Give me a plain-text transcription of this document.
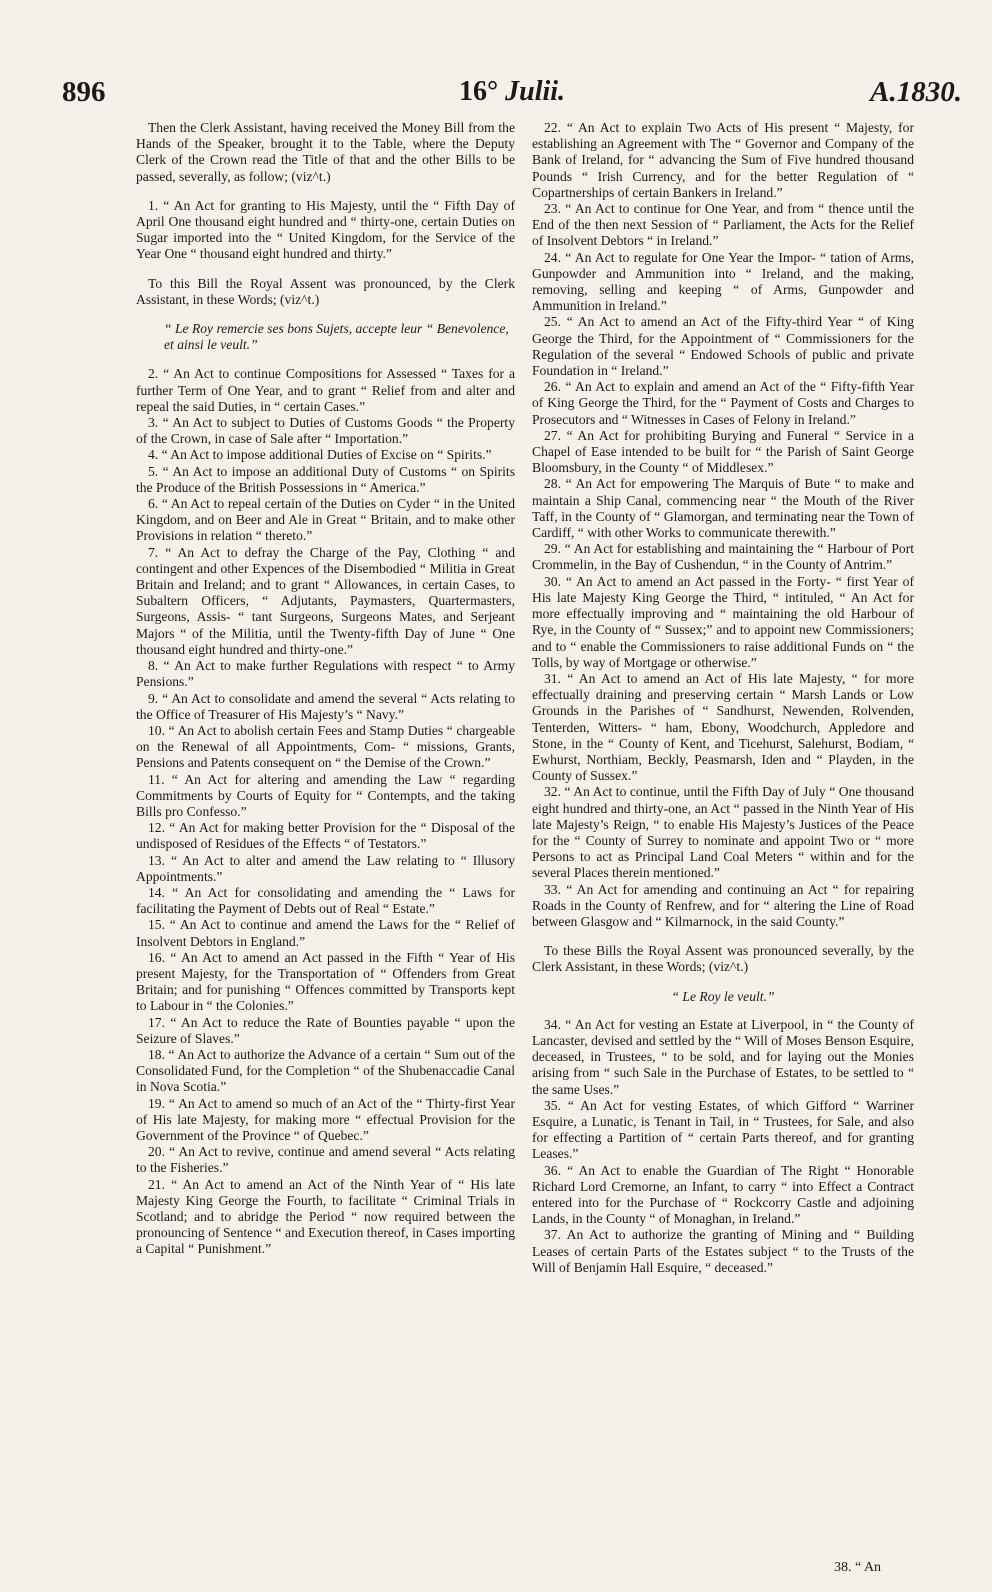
896	16° Julii.	A.1830.

Then the Clerk Assistant, having received the Money Bill from the Hands of the Speaker, brought it to the Table, where the Deputy Clerk of the Crown read the Title of that and the other Bills to be passed, severally, as follow; (viz^t.)

1. “ An Act for granting to His Majesty, until the “ Fifth Day of April One thousand eight hundred and “ thirty-one, certain Duties on Sugar imported into the “ United Kingdom, for the Service of the Year One “ thousand eight hundred and thirty.”

To this Bill the Royal Assent was pronounced, by the Clerk Assistant, in these Words; (viz^t.)

“ Le Roy remercie ses bons Sujets, accepte leur “ Benevolence, et ainsi le veult.”

2. “ An Act to continue Compositions for Assessed “ Taxes for a further Term of One Year, and to grant “ Relief from and alter and repeal the said Duties, in “ certain Cases.”

3. “ An Act to subject to Duties of Customs Goods “ the Property of the Crown, in case of Sale after “ Importation.”

4. “ An Act to impose additional Duties of Excise on “ Spirits.”

5. “ An Act to impose an additional Duty of Customs “ on Spirits the Produce of the British Possessions in “ America.”

6. “ An Act to repeal certain of the Duties on Cyder “ in the United Kingdom, and on Beer and Ale in Great “ Britain, and to make other Provisions in relation “ thereto.”

7. “ An Act to defray the Charge of the Pay, Clothing “ and contingent and other Expences of the Disembodied “ Militia in Great Britain and Ireland; and to grant “ Allowances, in certain Cases, to Subaltern Officers, “ Adjutants, Paymasters, Quartermasters, Surgeons, Assis- “ tant Surgeons, Surgeons Mates, and Serjeant Majors “ of the Militia, until the Twenty-fifth Day of June “ One thousand eight hundred and thirty-one.”

8. “ An Act to make further Regulations with respect “ to Army Pensions.”

9. “ An Act to consolidate and amend the several “ Acts relating to the Office of Treasurer of His Majesty’s “ Navy.”

10. “ An Act to abolish certain Fees and Stamp Duties “ chargeable on the Renewal of all Appointments, Com- “ missions, Grants, Pensions and Patents consequent on “ the Demise of the Crown.”

11. “ An Act for altering and amending the Law “ regarding Commitments by Courts of Equity for “ Contempts, and the taking Bills pro Confesso.”

12. “ An Act for making better Provision for the “ Disposal of the undisposed of Residues of the Effects “ of Testators.”

13. “ An Act to alter and amend the Law relating to “ Illusory Appointments.”

14. “ An Act for consolidating and amending the “ Laws for facilitating the Payment of Debts out of Real “ Estate.”

15. “ An Act to continue and amend the Laws for the “ Relief of Insolvent Debtors in England.”

16. “ An Act to amend an Act passed in the Fifth “ Year of His present Majesty, for the Transportation of “ Offenders from Great Britain; and for punishing “ Offences committed by Transports kept to Labour in “ the Colonies.”

17. “ An Act to reduce the Rate of Bounties payable “ upon the Seizure of Slaves.”

18. “ An Act to authorize the Advance of a certain “ Sum out of the Consolidated Fund, for the Completion “ of the Shubenaccadie Canal in Nova Scotia.”

19. “ An Act to amend so much of an Act of the “ Thirty-first Year of His late Majesty, for making more “ effectual Provision for the Government of the Province “ of Quebec.”

20. “ An Act to revive, continue and amend several “ Acts relating to the Fisheries.”

21. “ An Act to amend an Act of the Ninth Year of “ His late Majesty King George the Fourth, to facilitate “ Criminal Trials in Scotland; and to abridge the Period “ now required between the pronouncing of Sentence “ and Execution thereof, in Cases importing a Capital “ Punishment.”

22. “ An Act to explain Two Acts of His present “ Majesty, for establishing an Agreement with The “ Governor and Company of the Bank of Ireland, for “ advancing the Sum of Five hundred thousand Pounds “ Irish Currency, and for the better Regulation of “ Copartnerships of certain Bankers in Ireland.”

23. “ An Act to continue for One Year, and from “ thence until the End of the then next Session of “ Parliament, the Acts for the Relief of Insolvent Debtors “ in Ireland.”

24. “ An Act to regulate for One Year the Impor- “ tation of Arms, Gunpowder and Ammunition into “ Ireland, and the making, removing, selling and keeping “ of Arms, Gunpowder and Ammunition in Ireland.”

25. “ An Act to amend an Act of the Fifty-third Year “ of King George the Third, for the Appointment of “ Commissioners for the Regulation of the several “ Endowed Schools of public and private Foundation in “ Ireland.”

26. “ An Act to explain and amend an Act of the “ Fifty-fifth Year of King George the Third, for the “ Payment of Costs and Charges to Prosecutors and “ Witnesses in Cases of Felony in Ireland.”

27. “ An Act for prohibiting Burying and Funeral “ Service in a Chapel of Ease intended to be built for “ the Parish of Saint George Bloomsbury, in the County “ of Middlesex.”

28. “ An Act for empowering The Marquis of Bute “ to make and maintain a Ship Canal, commencing near “ the Mouth of the River Taff, in the County of “ Glamorgan, and terminating near the Town of Cardiff, “ with other Works to communicate therewith.”

29. “ An Act for establishing and maintaining the “ Harbour of Port Crommelin, in the Bay of Cushendun, “ in the County of Antrim.”

30. “ An Act to amend an Act passed in the Forty- “ first Year of His late Majesty King George the Third, “ intituled, “ An Act for more effectually improving and “ maintaining the old Harbour of Rye, in the County of “ Sussex;” and to appoint new Commissioners; and to “ enable the Commissioners to raise additional Funds on “ the Tolls, by way of Mortgage or otherwise.”

31. “ An Act to amend an Act of His late Majesty, “ for more effectually draining and preserving certain “ Marsh Lands or Low Grounds in the Parishes of “ Sandhurst, Newenden, Rolvenden, Tenterden, Witters- “ ham, Ebony, Woodchurch, Appledore and Stone, in the “ County of Kent, and Ticehurst, Salehurst, Bodiam, “ Ewhurst, Northiam, Beckly, Peasmarsh, Iden and “ Playden, in the County of Sussex.”

32. “ An Act to continue, until the Fifth Day of July “ One thousand eight hundred and thirty-one, an Act “ passed in the Ninth Year of His late Majesty’s Reign, “ to enable His Majesty’s Justices of the Peace for the “ County of Surrey to nominate and appoint Two or “ more Persons to act as Principal Land Coal Meters “ within and for the several Places therein mentioned.”

33. “ An Act for amending and continuing an Act “ for repairing Roads in the County of Renfrew, and for “ altering the Line of Road between Glasgow and “ Kilmarnock, in the said County.”

To these Bills the Royal Assent was pronounced severally, by the Clerk Assistant, in these Words; (viz^t.)

“ Le Roy le veult.”

34. “ An Act for vesting an Estate at Liverpool, in “ the County of Lancaster, devised and settled by the “ Will of Moses Benson Esquire, deceased, in Trustees, “ to be sold, and for laying out the Monies arising from “ such Sale in the Purchase of Estates, to be settled to “ the same Uses.”

35. “ An Act for vesting Estates, of which Gifford “ Warriner Esquire, a Lunatic, is Tenant in Tail, in “ Trustees, for Sale, and also for effecting a Partition of “ certain Parts thereof, and for granting Leases.”

36. “ An Act to enable the Guardian of The Right “ Honorable Richard Lord Cremorne, an Infant, to carry “ into Effect a Contract entered into for the Purchase of “ Rockcorry Castle and adjoining Lands, in the County “ of Monaghan, in Ireland.”

37. An Act to authorize the granting of Mining and “ Building Leases of certain Parts of the Estates subject “ to the Trusts of the Will of Benjamin Hall Esquire, “ deceased.”

38. “ An
